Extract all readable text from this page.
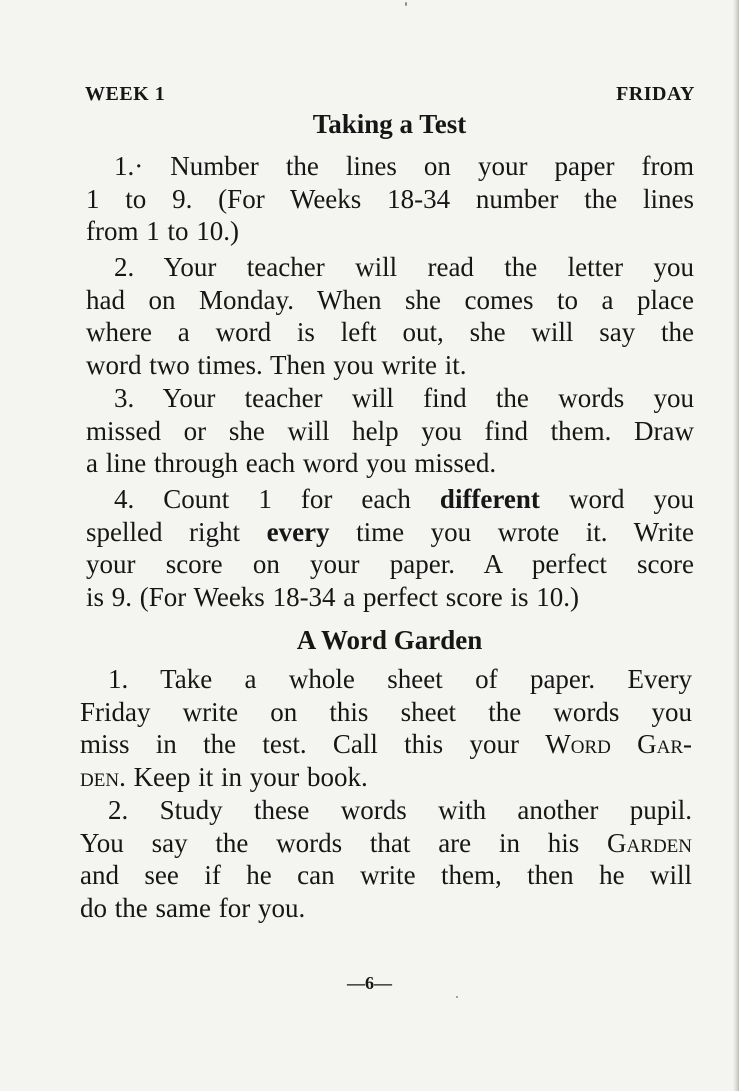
WEEK 1	FRIDAY

Taking a Test
1.· Number the lines on your paper from
1 to 9. (For Weeks 18-34 number the lines
from 1 to 10.)
2. Your teacher will read the letter you
had on Monday. When she comes to a place
where a word is left out, she will say the
word two times. Then you write it.
3. Your teacher will find the words you
missed or she will help you find them. Draw
a line through each word you missed.
4. Count 1 for each different word you
spelled right every time you wrote it. Write
your score on your paper. A perfect score
is 9. (For Weeks 18-34 a perfect score is 10.)
A Word Garden
1. Take a whole sheet of paper. Every
Friday write on this sheet the words you
miss in the test. Call this your Word Gar-
den. Keep it in your book.
2. Study these words with another pupil.
You say the words that are in his Garden
and see if he can write them, then he will
do the same for you.

—6—
